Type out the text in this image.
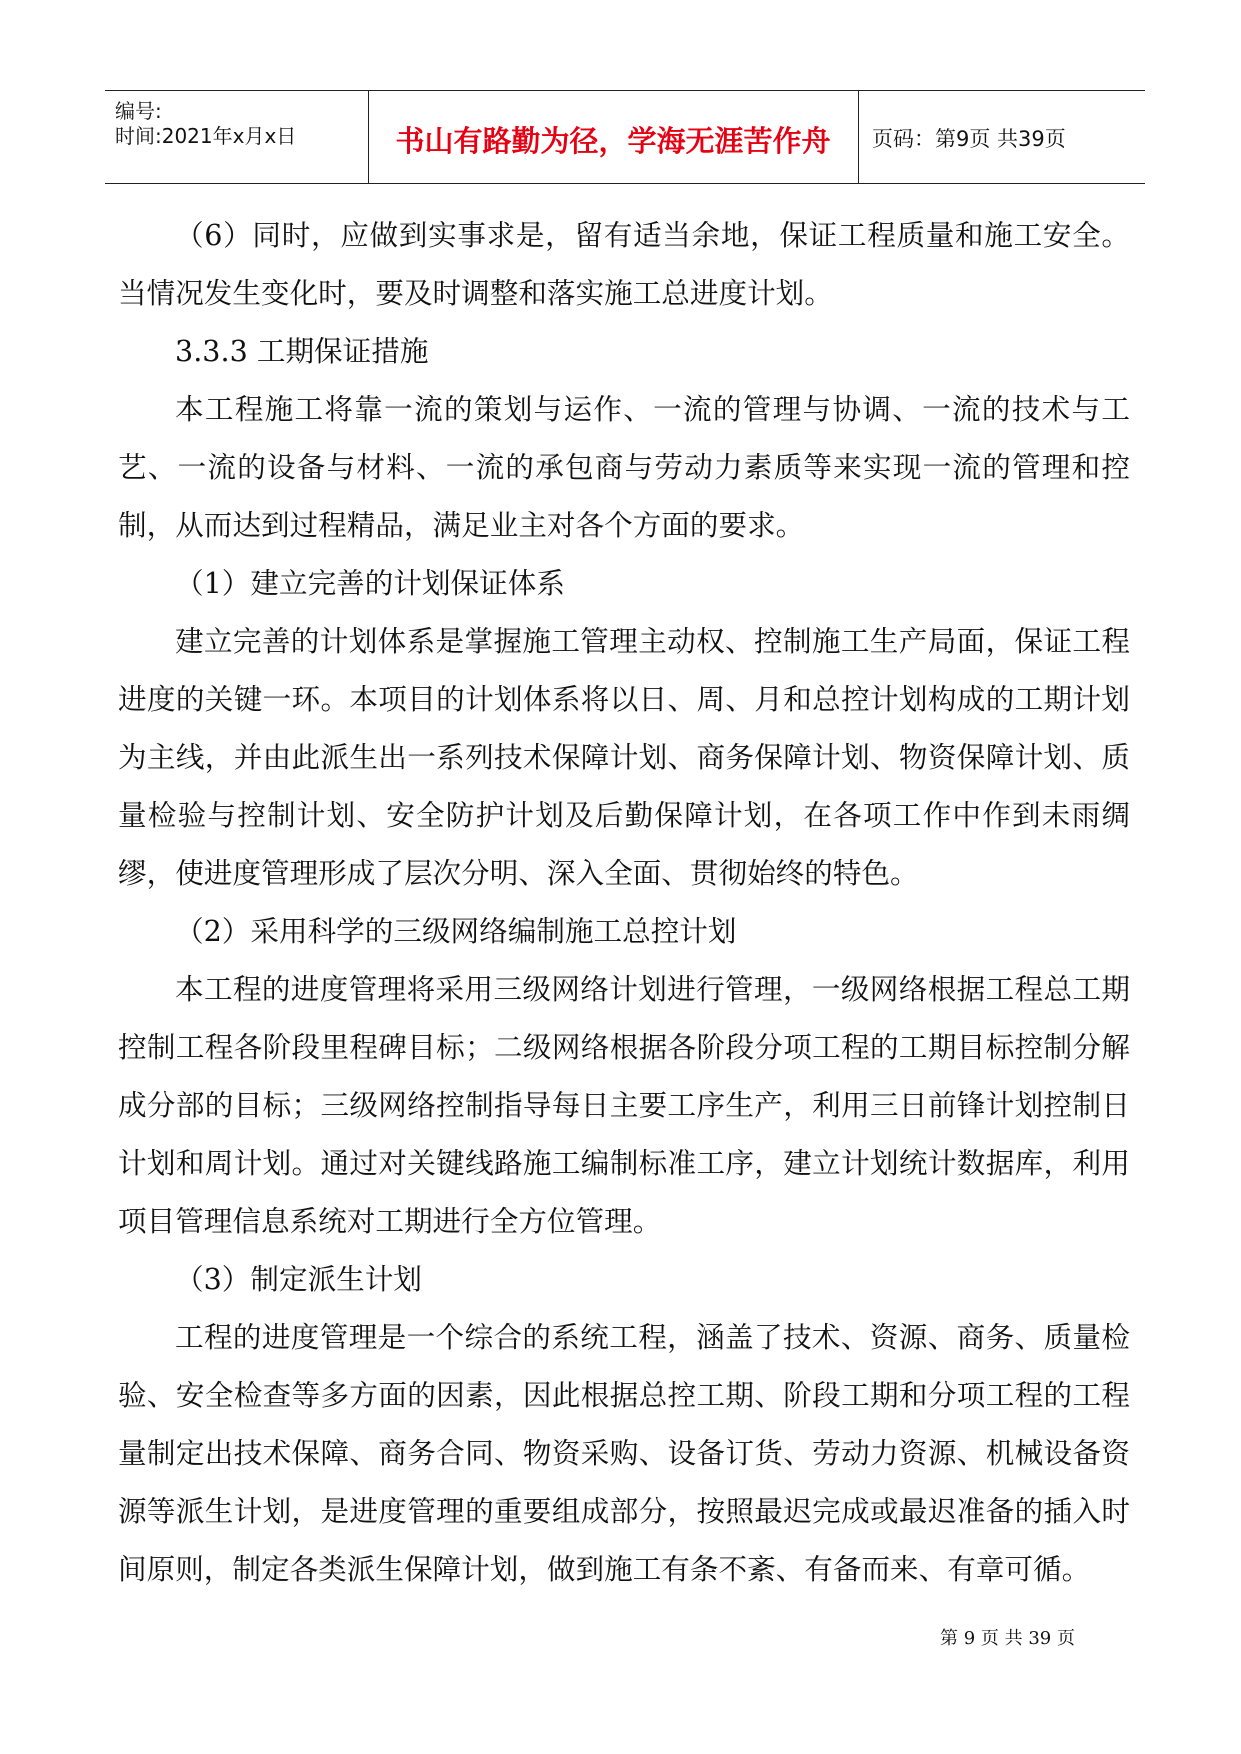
编号:
时间:2021年x月x日	书山有路勤为径，学海无涯苦作舟	页码：第9页 共39页

（6）同时，应做到实事求是，留有适当余地，保证工程质量和施工安全。当情况发生变化时，要及时调整和落实施工总进度计划。

3.3.3 工期保证措施

本工程施工将靠一流的策划与运作、一流的管理与协调、一流的技术与工艺、一流的设备与材料、一流的承包商与劳动力素质等来实现一流的管理和控制，从而达到过程精品，满足业主对各个方面的要求。

（1）建立完善的计划保证体系

建立完善的计划体系是掌握施工管理主动权、控制施工生产局面，保证工程进度的关键一环。本项目的计划体系将以日、周、月和总控计划构成的工期计划为主线，并由此派生出一系列技术保障计划、商务保障计划、物资保障计划、质量检验与控制计划、安全防护计划及后勤保障计划，在各项工作中作到未雨绸缪，使进度管理形成了层次分明、深入全面、贯彻始终的特色。

（2）采用科学的三级网络编制施工总控计划

本工程的进度管理将采用三级网络计划进行管理，一级网络根据工程总工期控制工程各阶段里程碑目标；二级网络根据各阶段分项工程的工期目标控制分解成分部的目标；三级网络控制指导每日主要工序生产，利用三日前锋计划控制日计划和周计划。通过对关键线路施工编制标准工序，建立计划统计数据库，利用项目管理信息系统对工期进行全方位管理。

（3）制定派生计划

工程的进度管理是一个综合的系统工程，涵盖了技术、资源、商务、质量检验、安全检查等多方面的因素，因此根据总控工期、阶段工期和分项工程的工程量制定出技术保障、商务合同、物资采购、设备订货、劳动力资源、机械设备资源等派生计划，是进度管理的重要组成部分，按照最迟完成或最迟准备的插入时间原则，制定各类派生保障计划，做到施工有条不紊、有备而来、有章可循。

第 9 页 共 39 页
